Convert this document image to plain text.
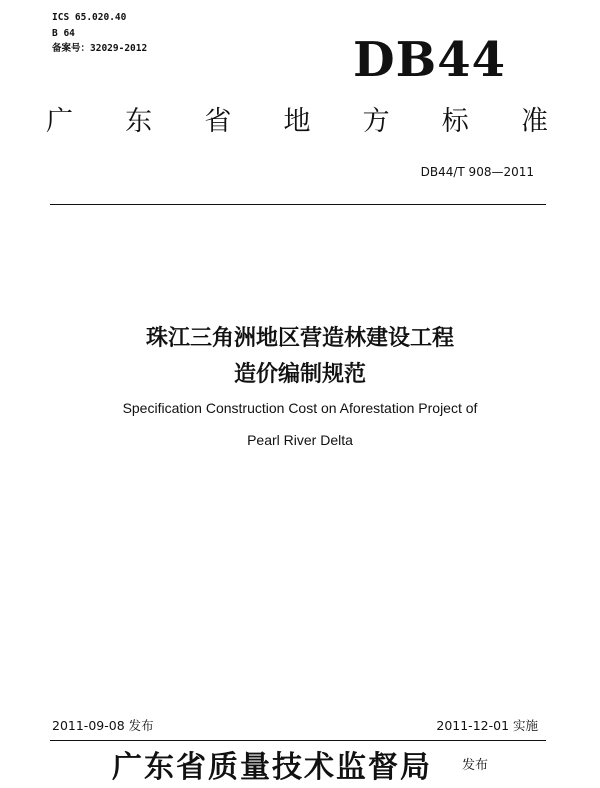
ICS 65.020.40
B 64
备案号：32029-2012	DB44
广 东 省 地 方 标 准
DB44/T 908—2011
珠江三角洲地区营造林建设工程
造价编制规范
Specification Construction Cost on Aforestation Project of
Pearl River Delta
2011-09-08 发布	2011-12-01 实施
广东省质量技术监督局 发布
